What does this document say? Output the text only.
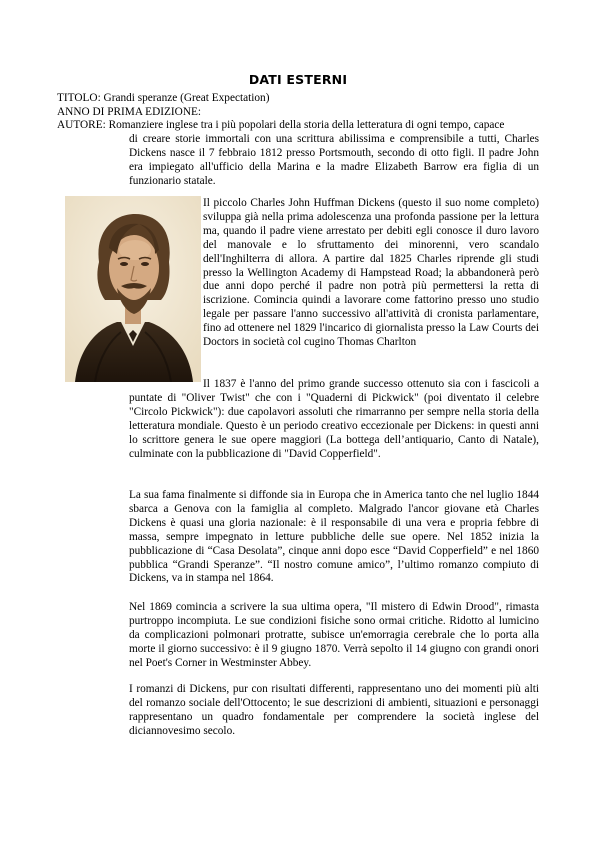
DATI ESTERNI
TITOLO: Grandi speranze (Great Expectation)
ANNO DI PRIMA EDIZIONE:
AUTORE: Romanziere inglese tra i più popolari della storia della letteratura di ogni tempo, capace
di creare storie immortali con una scrittura abilissima e comprensibile a tutti, Charles Dickens nasce il 7 febbraio 1812 presso Portsmouth, secondo di otto figli. Il padre John era impiegato all'ufficio della Marina e la madre Elizabeth Barrow era figlia di un funzionario statale.
Il piccolo Charles John Huffman Dickens (questo il suo nome completo) sviluppa già nella prima adolescenza una profonda passione per la lettura ma, quando il padre viene arrestato per debiti egli conosce il duro lavoro del manovale e lo sfruttamento dei minorenni, vero scandalo dell'Inghilterra di allora. A partire dal 1825 Charles riprende gli studi presso la Wellington Academy di Hampstead Road; la abbandonerà però due anni dopo perché il padre non potrà più permettersi la retta di iscrizione. Comincia quindi a lavorare come fattorino presso uno studio legale per passare l'anno successivo all'attività di cronista parlamentare, fino ad ottenere nel 1829 l'incarico di giornalista presso la Law Courts dei Doctors in società col cugino Thomas Charlton
Il 1837 è l'anno del primo grande successo ottenuto sia con i fascicoli a puntate di "Oliver Twist" che con i "Quaderni di Pickwick" (poi diventato il celebre "Circolo Pickwick"): due capolavori assoluti che rimarranno per sempre nella storia della letteratura mondiale. Questo è un periodo creativo eccezionale per Dickens: in questi anni lo scrittore genera le sue opere maggiori (La bottega dell’antiquario, Canto di Natale), culminate con la pubblicazione di "David Copperfield".
La sua fama finalmente si diffonde sia in Europa che in America tanto che nel luglio 1844 sbarca a Genova con la famiglia al completo. Malgrado l'ancor giovane età Charles Dickens è quasi una gloria nazionale: è il responsabile di una vera e propria febbre di massa, sempre impegnato in letture pubbliche delle sue opere. Nel 1852 inizia la pubblicazione di “Casa Desolata”, cinque anni dopo esce “David Copperfield” e nel 1860 pubblica “Grandi Speranze”. “Il nostro comune amico”, l’ultimo romanzo compiuto di Dickens, va in stampa nel 1864.
Nel 1869 comincia a scrivere la sua ultima opera, "Il mistero di Edwin Drood", rimasta purtroppo incompiuta. Le sue condizioni fisiche sono ormai critiche. Ridotto al lumicino da complicazioni polmonari protratte, subisce un'emorragia cerebrale che lo porta alla morte il giorno successivo: è il 9 giugno 1870. Verrà sepolto il 14 giugno con grandi onori nel Poet's Corner in Westminster Abbey.
I romanzi di Dickens, pur con risultati differenti, rappresentano uno dei momenti più alti del romanzo sociale dell'Ottocento; le sue descrizioni di ambienti, situazioni e personaggi rappresentano un quadro fondamentale per comprendere la società inglese del diciannovesimo secolo.
